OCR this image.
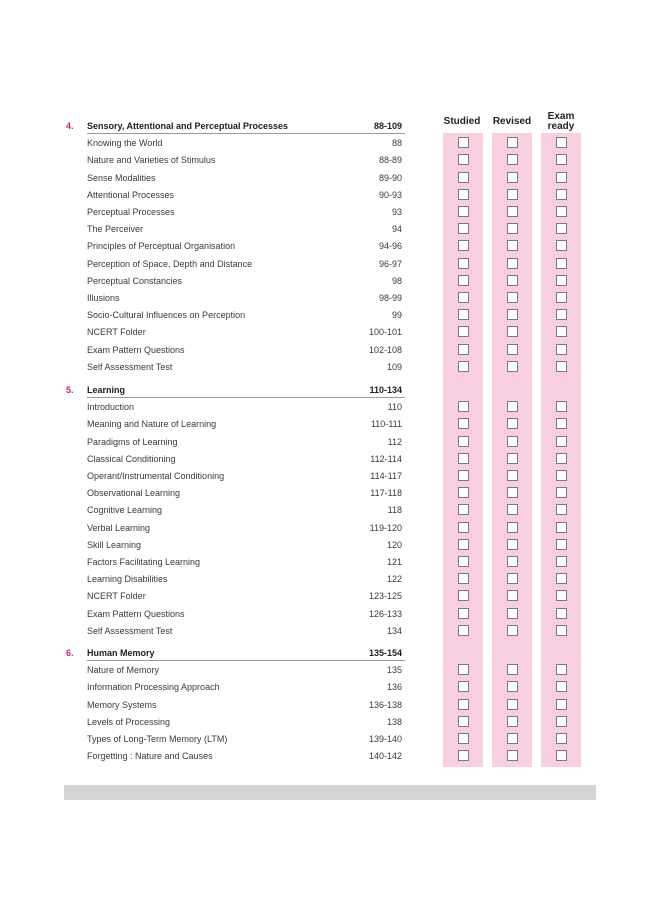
Studied Revised	Exam
ready
4. Sensory, Attentional and Perceptual Processes	88-109
Knowing the World	88
Nature and Varieties of Stimulus	88-89
Sense Modalities	89-90
Attentional Processes	90-93
Perceptual Processes	93
The Perceiver	94
Principles of Perceptual Organisation	94-96
Perception of Space, Depth and Distance	96-97
Perceptual Constancies	98
Illusions	98-99
Socio-Cultural Influences on Perception	99
NCERT Folder	100-101
Exam Pattern Questions	102-108
Self Assessment Test	109
5. Learning	110-134
Introduction	110
Meaning and Nature of Learning	110-111
Paradigms of Learning	112
Classical Conditioning	112-114
Operant/Instrumental Conditioning	114-117
Observational Learning	117-118
Cognitive Learning	118
Verbal Learning	119-120
Skill Learning	120
Factors Facilitating Learning	121
Learning Disabilities	122
NCERT Folder	123-125
Exam Pattern Questions	126-133
Self Assessment Test	134
6. Human Memory	135-154
Nature of Memory	135
Information Processing Approach	136
Memory Systems	136-138
Levels of Processing	138
Types of Long-Term Memory (LTM)	139-140
Forgetting : Nature and Causes	140-142
